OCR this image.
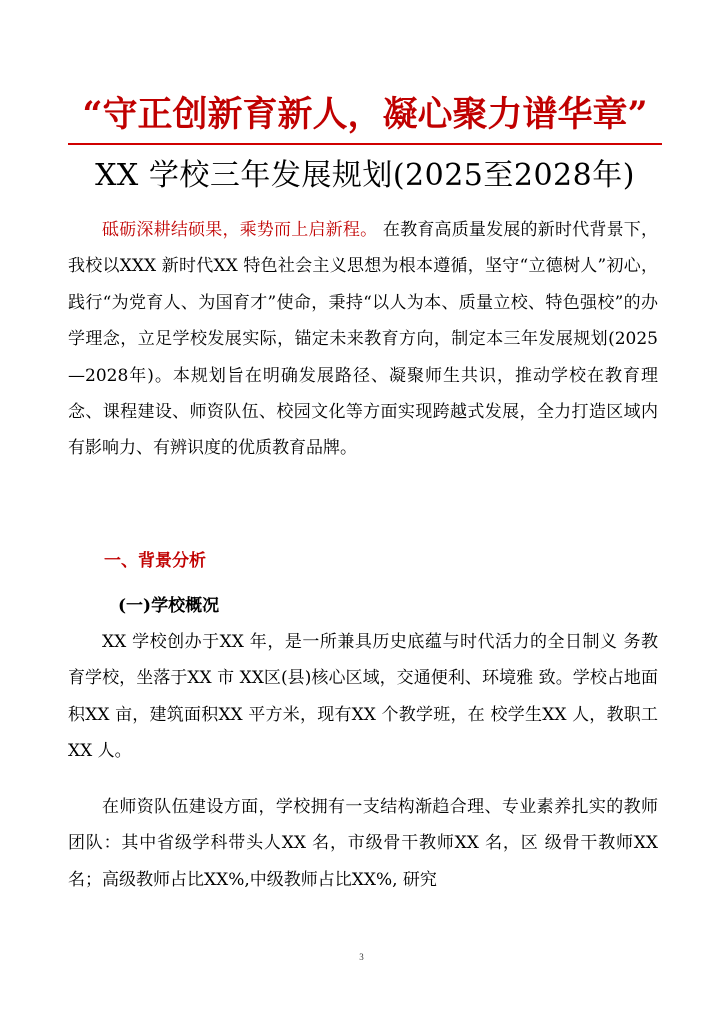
“守正创新育新人，凝心聚力谱华章”
XX 学校三年发展规划(2025至2028年)

砥砺深耕结硕果，乘势而上启新程。 在教育高质量发展的新时代背景下，我校以XXX 新时代XX 特色社会主义思想为根本遵循，坚守“立德树人”初心，践行“为党育人、为国育才”使命，秉持“以人为本、质量立校、特色强校”的办学理念，立足学校发展实际，锚定未来教育方向，制定本三年发展规划(2025—2028年)。本规划旨在明确发展路径、凝聚师生共识，推动学校在教育理念、课程建设、师资队伍、校园文化等方面实现跨越式发展，全力打造区域内有影响力、有辨识度的优质教育品牌。

一、背景分析
(一)学校概况

XX 学校创办于XX 年，是一所兼具历史底蕴与时代活力的全日制义 务教育学校，坐落于XX 市 XX区(县)核心区域，交通便利、环境雅 致。学校占地面积XX 亩，建筑面积XX 平方米，现有XX 个教学班，在 校学生XX 人，教职工XX 人。

在师资队伍建设方面，学校拥有一支结构渐趋合理、专业素养扎实的教师团队：其中省级学科带头人XX 名，市级骨干教师XX 名，区 级骨干教师XX 名；高级教师占比XX%,中级教师占比XX%, 研究

3
